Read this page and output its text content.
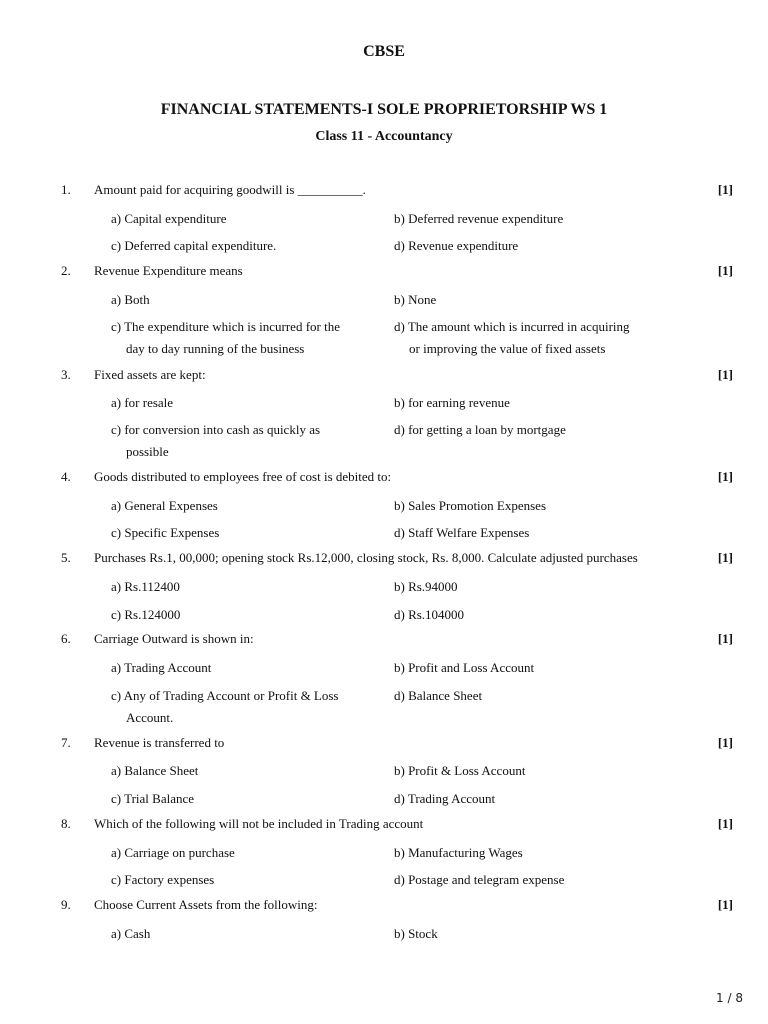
CBSE
FINANCIAL STATEMENTS-I SOLE PROPRIETORSHIP WS 1
Class 11 - Accountancy
1. Amount paid for acquiring goodwill is __________.	[1]
a) Capital expenditure	b) Deferred revenue expenditure
c) Deferred capital expenditure.	d) Revenue expenditure
2. Revenue Expenditure means	[1]
a) Both	b) None
c) The expenditure which is incurred for the
day to day running of the business
d) The amount which is incurred in acquiring
or improving the value of fixed assets
3. Fixed assets are kept:	[1]
a) for resale	b) for earning revenue
c) for conversion into cash as quickly as
possible
d) for getting a loan by mortgage
4. Goods distributed to employees free of cost is debited to:	[1]
a) General Expenses	b) Sales Promotion Expenses
c) Specific Expenses	d) Staff Welfare Expenses
5. Purchases Rs.1, 00,000; opening stock Rs.12,000, closing stock, Rs. 8,000. Calculate adjusted purchases	[1]
a) Rs.112400	b) Rs.94000
c) Rs.124000	d) Rs.104000
6. Carriage Outward is shown in:	[1]
a) Trading Account	b) Profit and Loss Account
c) Any of Trading Account or Profit & Loss
Account.
d) Balance Sheet
7. Revenue is transferred to	[1]
a) Balance Sheet	b) Profit & Loss Account
c) Trial Balance	d) Trading Account
8. Which of the following will not be included in Trading account	[1]
a) Carriage on purchase	b) Manufacturing Wages
c) Factory expenses	d) Postage and telegram expense
9. Choose Current Assets from the following:	[1]
a) Cash	b) Stock
1 / 8
